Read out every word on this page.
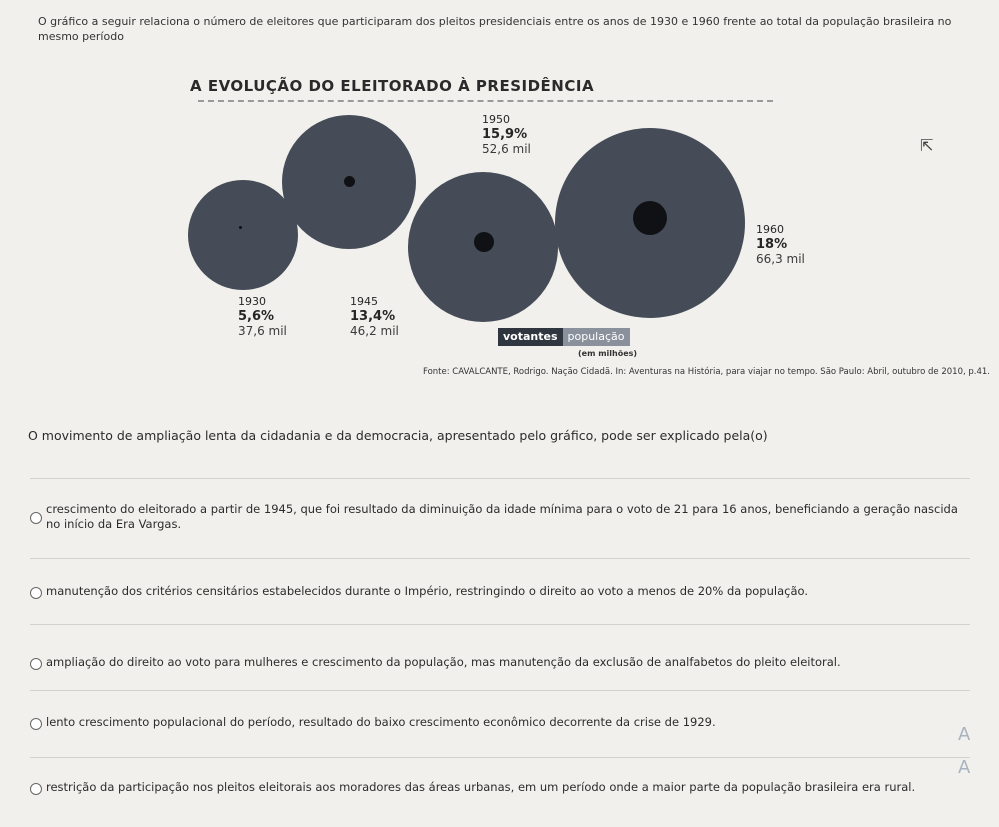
O gráfico a seguir relaciona o número de eleitores que participaram dos pleitos presidenciais entre os anos de 1930 e 1960 frente ao total da população brasileira no mesmo período
A EVOLUÇÃO DO ELEITORADO À PRESIDÊNCIA
1930
5,6%
37,6 mil
1945
13,4%
46,2 mil
1950
15,9%
52,6 mil
1960
18%
66,3 mil
votantes população
(em milhões)
Fonte: CAVALCANTE, Rodrigo. Nação Cidadã. In: Aventuras na História, para viajar no tempo. São Paulo: Abril, outubro de 2010, p.41.
⇱
O movimento de ampliação lenta da cidadania e da democracia, apresentado pelo gráfico, pode ser explicado pela(o)
crescimento do eleitorado a partir de 1945, que foi resultado da diminuição da idade mínima para o voto de 21 para 16 anos, beneficiando a geração nascida no início da Era Vargas.
manutenção dos critérios censitários estabelecidos durante o Império, restringindo o direito ao voto a menos de 20% da população.
ampliação do direito ao voto para mulheres e crescimento da população, mas manutenção da exclusão de analfabetos do pleito eleitoral.
lento crescimento populacional do período, resultado do baixo crescimento econômico decorrente da crise de 1929.
restrição da participação nos pleitos eleitorais aos moradores das áreas urbanas, em um período onde a maior parte da população brasileira era rural.
A
A
